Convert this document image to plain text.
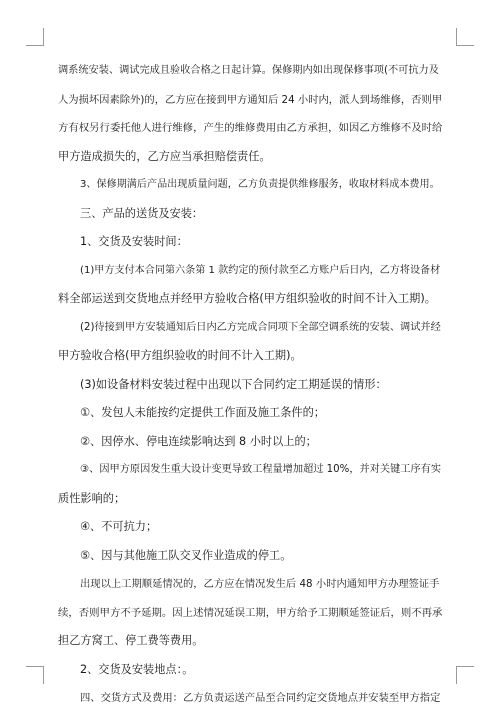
调系统安装、调试完成且验收合格之日起计算。保修期内如出现保修事项(不可抗力及
人为损坏因素除外)的，乙方应在接到甲方通知后 24 小时内，派人到场维修，否则甲
方有权另行委托他人进行维修，产生的维修费用由乙方承担，如因乙方维修不及时给
甲方造成损失的，乙方应当承担赔偿责任。
3、保修期满后产品出现质量问题，乙方负责提供维修服务，收取材料成本费用。
三、产品的送货及安装：
1、交货及安装时间：
(1)甲方支付本合同第六条第 1 款约定的预付款至乙方账户后日内，乙方将设备材
料全部运送到交货地点并经甲方验收合格(甲方组织验收的时间不计入工期)。
(2)待接到甲方安装通知后日内乙方完成合同项下全部空调系统的安装、调试并经
甲方验收合格(甲方组织验收的时间不计入工期)。
(3)如设备材料安装过程中出现以下合同约定工期延误的情形：
①、发包人未能按约定提供工作面及施工条件的；
②、因停水、停电连续影响达到 8 小时以上的；
③、因甲方原因发生重大设计变更导致工程量增加超过 10%，并对关键工序有实
质性影响的；
④、不可抗力；
⑤、因与其他施工队交叉作业造成的停工。
出现以上工期顺延情况的，乙方应在情况发生后 48 小时内通知甲方办理签证手
续，否则甲方不予延期。因上述情况延误工期，甲方给予工期顺延签证后，则不再承
担乙方窝工、停工费等费用。
2、交货及安装地点：。
四、交货方式及费用：乙方负责运送产品至合同约定交货地点并安装至甲方指定
